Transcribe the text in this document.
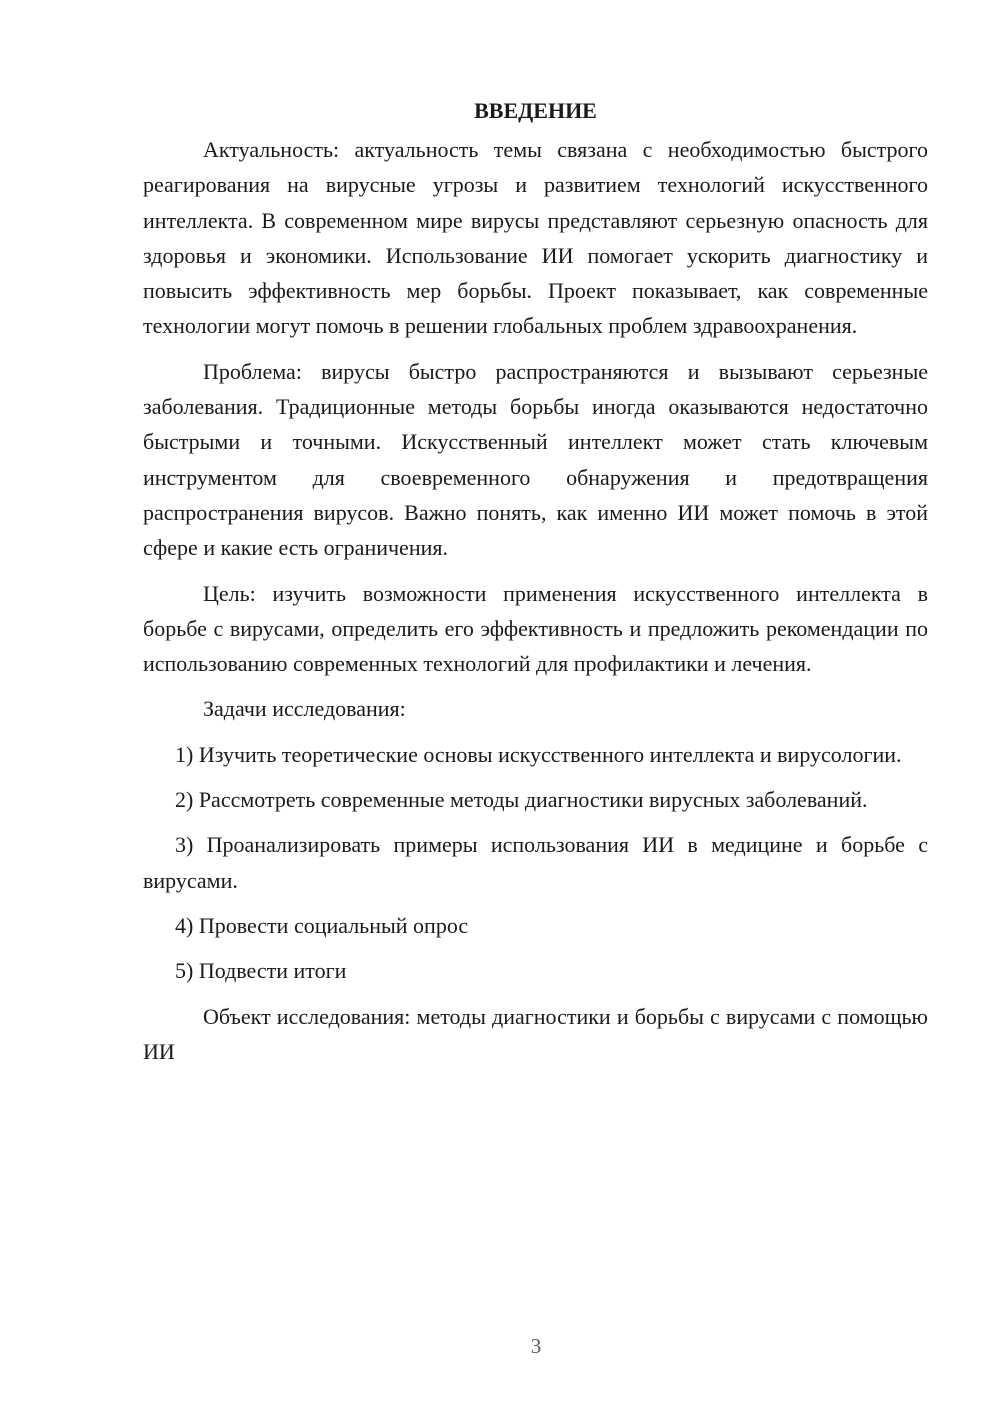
ВВЕДЕНИЕ

Актуальность: актуальность темы связана с необходимостью быстрого реагирования на вирусные угрозы и развитием технологий искусственного интеллекта. В современном мире вирусы представляют серьезную опасность для здоровья и экономики. Использование ИИ помогает ускорить диагностику и повысить эффективность мер борьбы. Проект показывает, как современные технологии могут помочь в решении глобальных проблем здравоохранения.

Проблема: вирусы быстро распространяются и вызывают серьезные заболевания. Традиционные методы борьбы иногда оказываются недостаточно быстрыми и точными. Искусственный интеллект может стать ключевым инструментом для своевременного обнаружения и предотвращения распространения вирусов. Важно понять, как именно ИИ может помочь в этой сфере и какие есть ограничения.

Цель: изучить возможности применения искусственного интеллекта в борьбе с вирусами, определить его эффективность и предложить рекомендации по использованию современных технологий для профилактики и лечения.

Задачи исследования:

1) Изучить теоретические основы искусственного интеллекта и вирусологии.

2) Рассмотреть современные методы диагностики вирусных заболеваний.

3) Проанализировать примеры использования ИИ в медицине и борьбе с вирусами.

4) Провести социальный опрос

5) Подвести итоги

Объект исследования: методы диагностики и борьбы с вирусами с помощью ИИ

3
